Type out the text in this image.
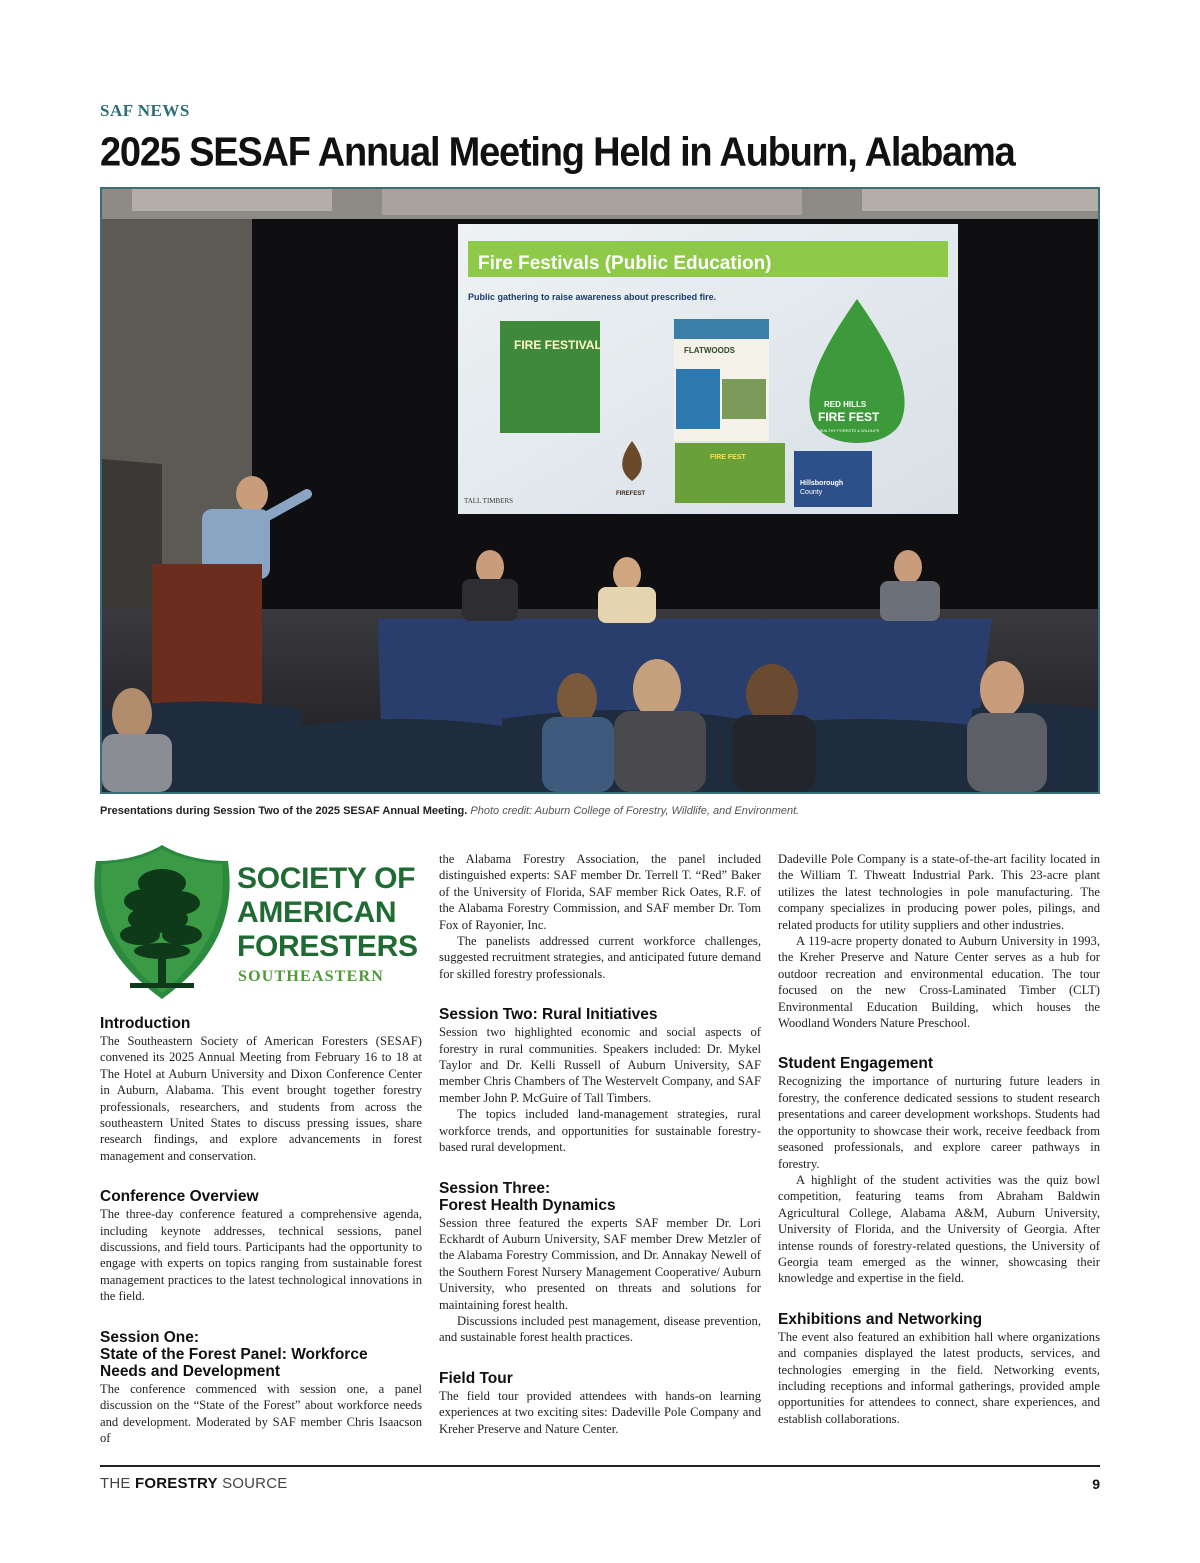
SAF NEWS
2025 SESAF Annual Meeting Held in Auburn, Alabama
Fire Festivals (Public Education)
Public gathering to raise awareness about prescribed fire.
FIRE FESTIVAL	FLATWOODS
RED HILLS
FIRE FEST
HEALTHY FORESTS & WILDLIFE
FIREFEST
FIRE FEST
Hillsborough
County
TALL TIMBERS
Presentations during Session Two of the 2025 SESAF Annual Meeting. Photo credit: Auburn College of Forestry, Wildlife, and Environment.
SOCIETY OF
AMERICAN
FORESTERS
SOUTHEASTERN
Introduction

The Southeastern Society of American Foresters (SESAF) convened its 2025 Annual Meeting from February 16 to 18 at The Hotel at Auburn University and Dixon Conference Center in Auburn, Alabama. This event brought together forestry professionals, researchers, and students from across the southeastern United States to discuss pressing issues, share research findings, and explore advancements in forest management and conservation.

Conference Overview

The three-day conference featured a comprehensive agenda, including keynote addresses, technical sessions, panel discussions, and field tours. Participants had the opportunity to engage with experts on topics ranging from sustainable forest management practices to the latest technological innovations in the field.

Session One:
State of the Forest Panel: Workforce
Needs and Development

The conference commenced with session one, a panel discussion on the “State of the Forest” about workforce needs and development. Moderated by SAF member Chris Isaacson of

the Alabama Forestry Association, the panel included distinguished experts: SAF member Dr. Terrell T. “Red” Baker of the University of Florida, SAF member Rick Oates, R.F. of the Alabama Forestry Commission, and SAF member Dr. Tom Fox of Rayonier, Inc.

The panelists addressed current workforce challenges, suggested recruitment strategies, and anticipated future demand for skilled forestry professionals.

Session Two: Rural Initiatives

Session two highlighted economic and social aspects of forestry in rural communities. Speakers included: Dr. Mykel Taylor and Dr. Kelli Russell of Auburn University, SAF member Chris Chambers of The Westervelt Company, and SAF member John P. McGuire of Tall Timbers.

The topics included land-management strategies, rural workforce trends, and opportunities for sustainable forestry-based rural development.

Session Three:
Forest Health Dynamics

Session three featured the experts SAF member Dr. Lori Eckhardt of Auburn University, SAF member Drew Metzler of the Alabama Forestry Commission, and Dr. Annakay Newell of the Southern Forest Nursery Management Cooperative/ Auburn University, who presented on threats and solutions for maintaining forest health.

Discussions included pest management, disease prevention, and sustainable forest health practices.

Field Tour

The field tour provided attendees with hands-on learning experiences at two exciting sites: Dadeville Pole Company and Kreher Preserve and Nature Center.

Dadeville Pole Company is a state-of-the-art facility located in the William T. Thweatt Industrial Park. This 23-acre plant utilizes the latest technologies in pole manufacturing. The company specializes in producing power poles, pilings, and related products for utility suppliers and other industries.

A 119-acre property donated to Auburn University in 1993, the Kreher Preserve and Nature Center serves as a hub for outdoor recreation and environmental education. The tour focused on the new Cross-Laminated Timber (CLT) Environmental Education Building, which houses the Woodland Wonders Nature Preschool.

Student Engagement

Recognizing the importance of nurturing future leaders in forestry, the conference dedicated sessions to student research presentations and career development workshops. Students had the opportunity to showcase their work, receive feedback from seasoned professionals, and explore career pathways in forestry.

A highlight of the student activities was the quiz bowl competition, featuring teams from Abraham Baldwin Agricultural College, Alabama A&M, Auburn University, University of Florida, and the University of Georgia. After intense rounds of forestry-related questions, the University of Georgia team emerged as the winner, showcasing their knowledge and expertise in the field.

Exhibitions and Networking

The event also featured an exhibition hall where organizations and companies displayed the latest products, services, and technologies emerging in the field. Networking events, including receptions and informal gatherings, provided ample opportunities for attendees to connect, share experiences, and establish collaborations.

THE FORESTRY SOURCE	9
